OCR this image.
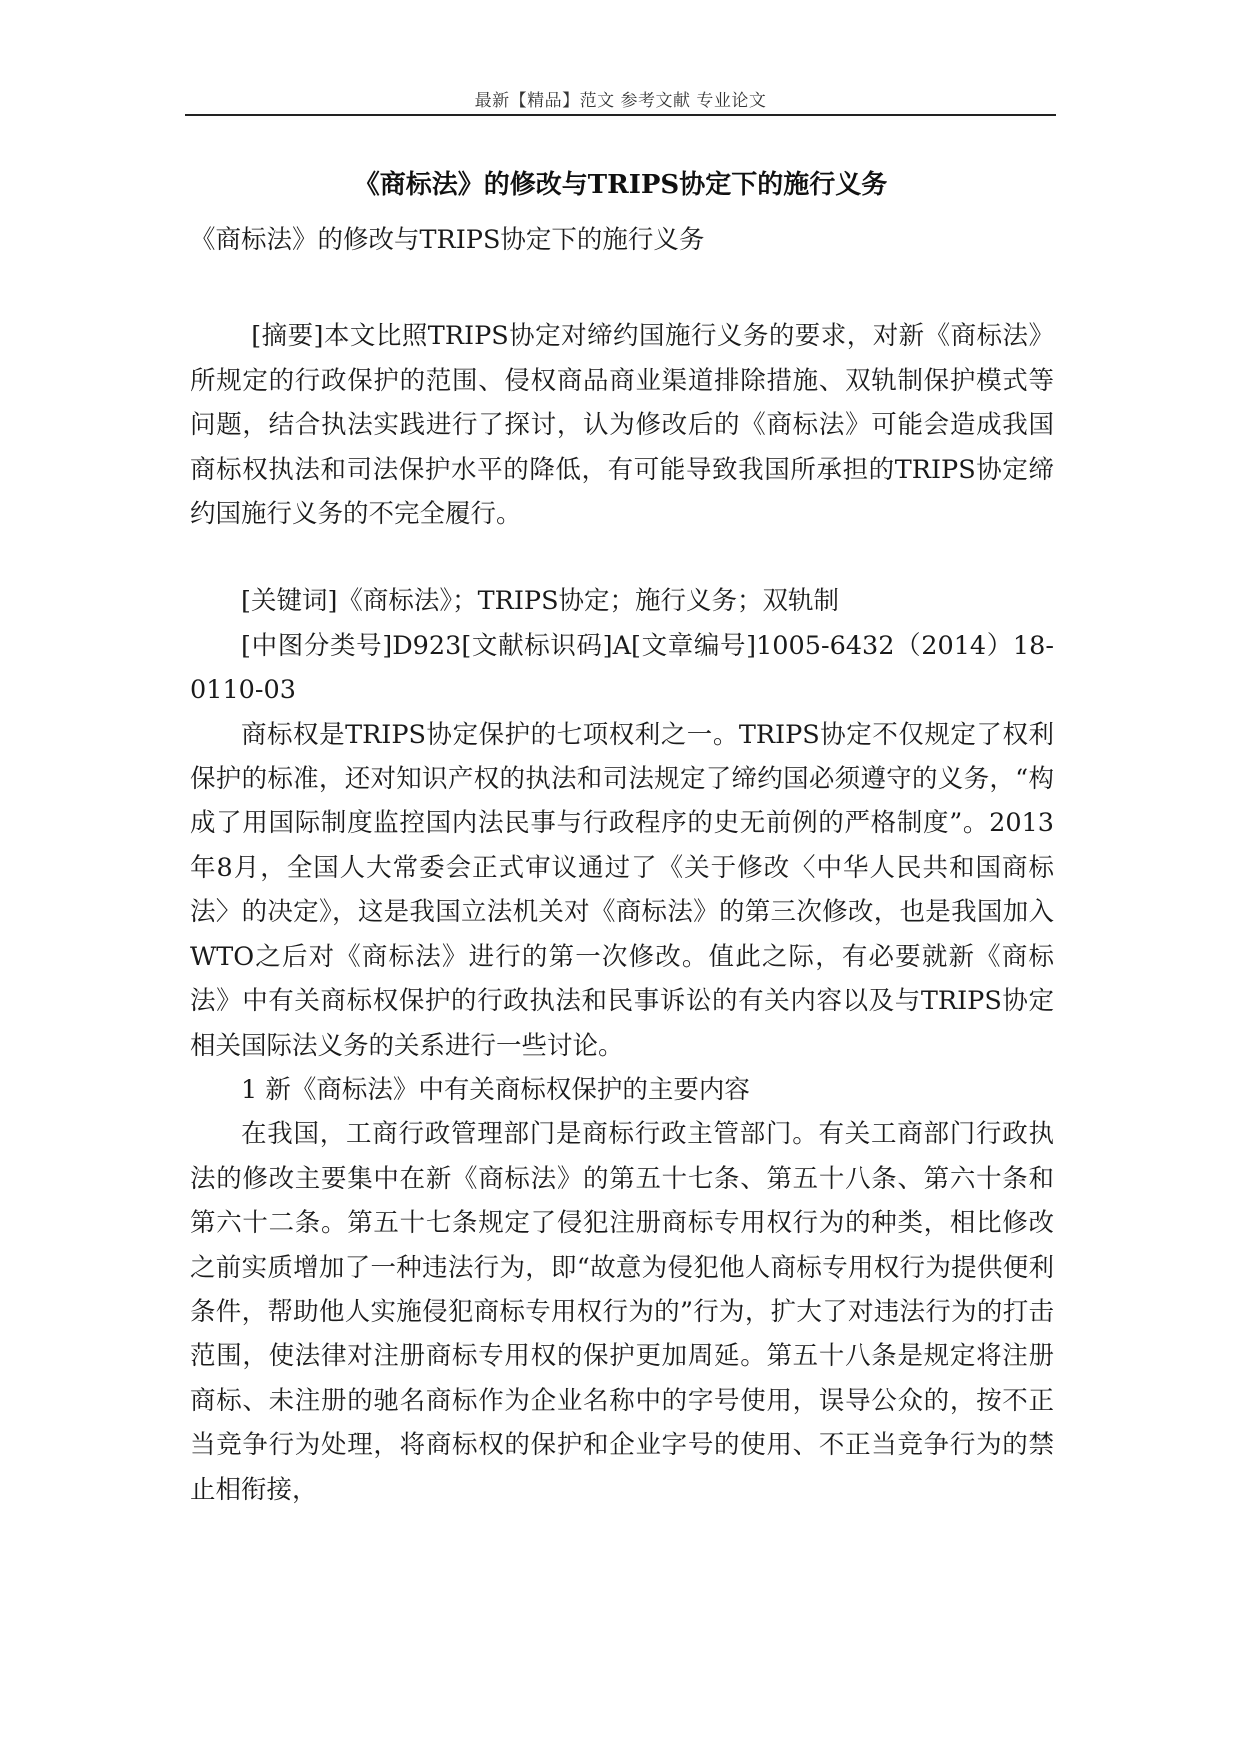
最新【精品】范文 参考文献 专业论文
《商标法》的修改与TRIPS协定下的施行义务

《商标法》的修改与TRIPS协定下的施行义务

[摘要]本文比照TRIPS协定对缔约国施行义务的要求，对新《商标法》所规定的行政保护的范围、侵权商品商业渠道排除措施、双轨制保护模式等问题，结合执法实践进行了探讨，认为修改后的《商标法》可能会造成我国商标权执法和司法保护水平的降低，有可能导致我国所承担的TRIPS协定缔约国施行义务的不完全履行。

[关键词]《商标法》；TRIPS协定；施行义务；双轨制

[中图分类号]D923[文献标识码]A[文章编号]1005-6432（2014）18-0110-03

商标权是TRIPS协定保护的七项权利之一。TRIPS协定不仅规定了权利保护的标准，还对知识产权的执法和司法规定了缔约国必须遵守的义务，“构成了用国际制度监控国内法民事与行政程序的史无前例的严格制度”。2013年8月，全国人大常委会正式审议通过了《关于修改〈中华人民共和国商标法〉的决定》，这是我国立法机关对《商标法》的第三次修改，也是我国加入WTO之后对《商标法》进行的第一次修改。值此之际，有必要就新《商标法》中有关商标权保护的行政执法和民事诉讼的有关内容以及与TRIPS协定相关国际法义务的关系进行一些讨论。

1 新《商标法》中有关商标权保护的主要内容

在我国，工商行政管理部门是商标行政主管部门。有关工商部门行政执法的修改主要集中在新《商标法》的第五十七条、第五十八条、第六十条和第六十二条。第五十七条规定了侵犯注册商标专用权行为的种类，相比修改之前实质增加了一种违法行为，即“故意为侵犯他人商标专用权行为提供便利条件，帮助他人实施侵犯商标专用权行为的”行为，扩大了对违法行为的打击范围，使法律对注册商标专用权的保护更加周延。第五十八条是规定将注册商标、未注册的驰名商标作为企业名称中的字号使用，误导公众的，按不正当竞争行为处理，将商标权的保护和企业字号的使用、不正当竞争行为的禁止相衔接，
